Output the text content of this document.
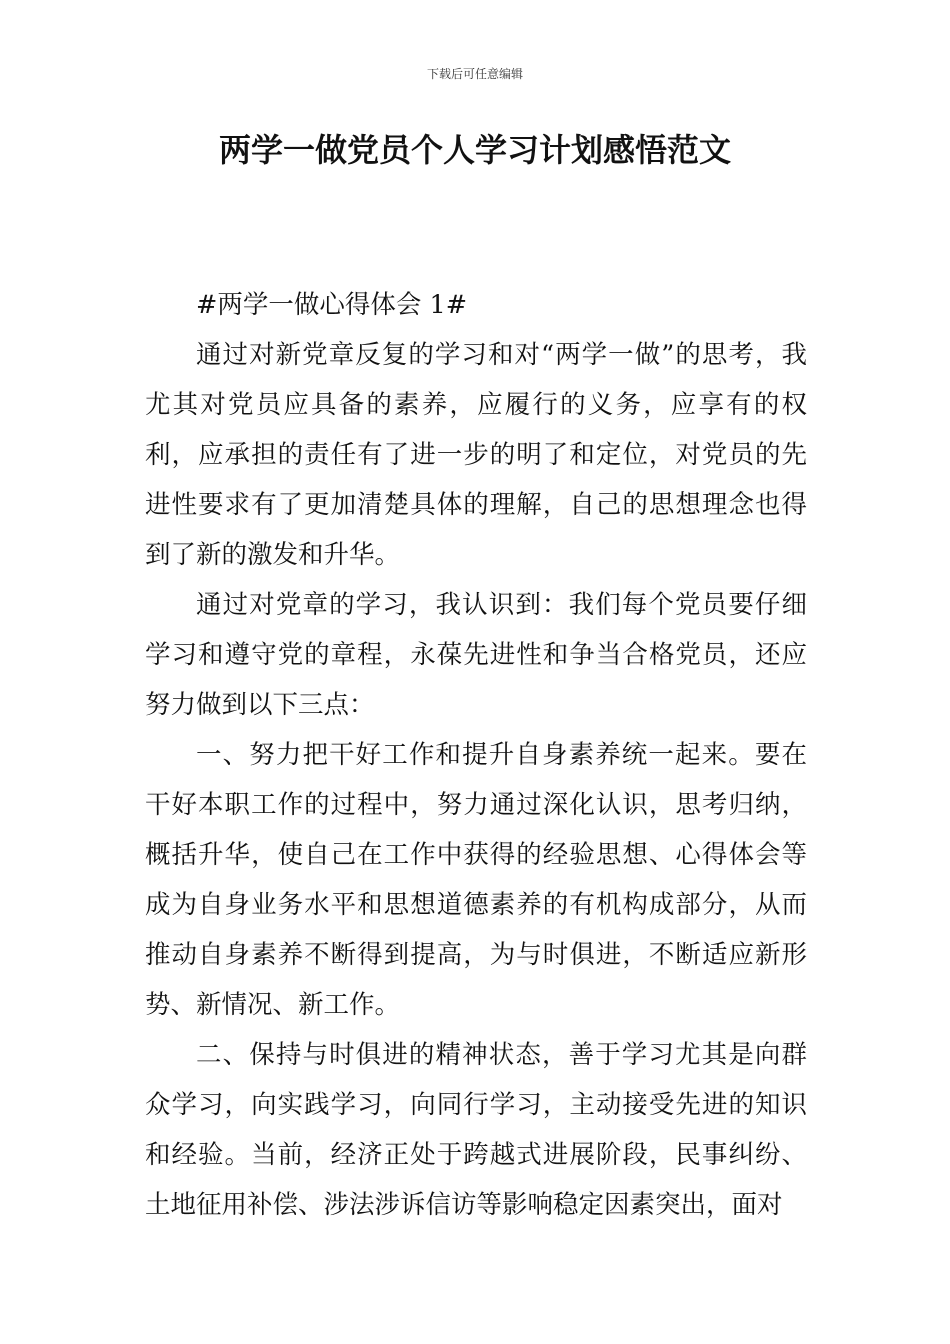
下载后可任意编辑
两学一做党员个人学习计划感悟范文

#两学一做心得体会 1#

通过对新党章反复的学习和对“两学一做”的思考，我尤其对党员应具备的素养，应履行的义务，应享有的权利，应承担的责任有了进一步的明了和定位，对党员的先进性要求有了更加清楚具体的理解，自己的思想理念也得到了新的激发和升华。

通过对党章的学习，我认识到：我们每个党员要仔细学习和遵守党的章程，永葆先进性和争当合格党员，还应努力做到以下三点：

一、努力把干好工作和提升自身素养统一起来。要在干好本职工作的过程中，努力通过深化认识，思考归纳，概括升华，使自己在工作中获得的经验思想、心得体会等成为自身业务水平和思想道德素养的有机构成部分，从而推动自身素养不断得到提高，为与时俱进，不断适应新形势、新情况、新工作。

二、保持与时俱进的精神状态，善于学习尤其是向群众学习，向实践学习，向同行学习，主动接受先进的知识和经验。当前，经济正处于跨越式进展阶段，民事纠纷、土地征用补偿、涉法涉诉信访等影响稳定因素突出，面对
